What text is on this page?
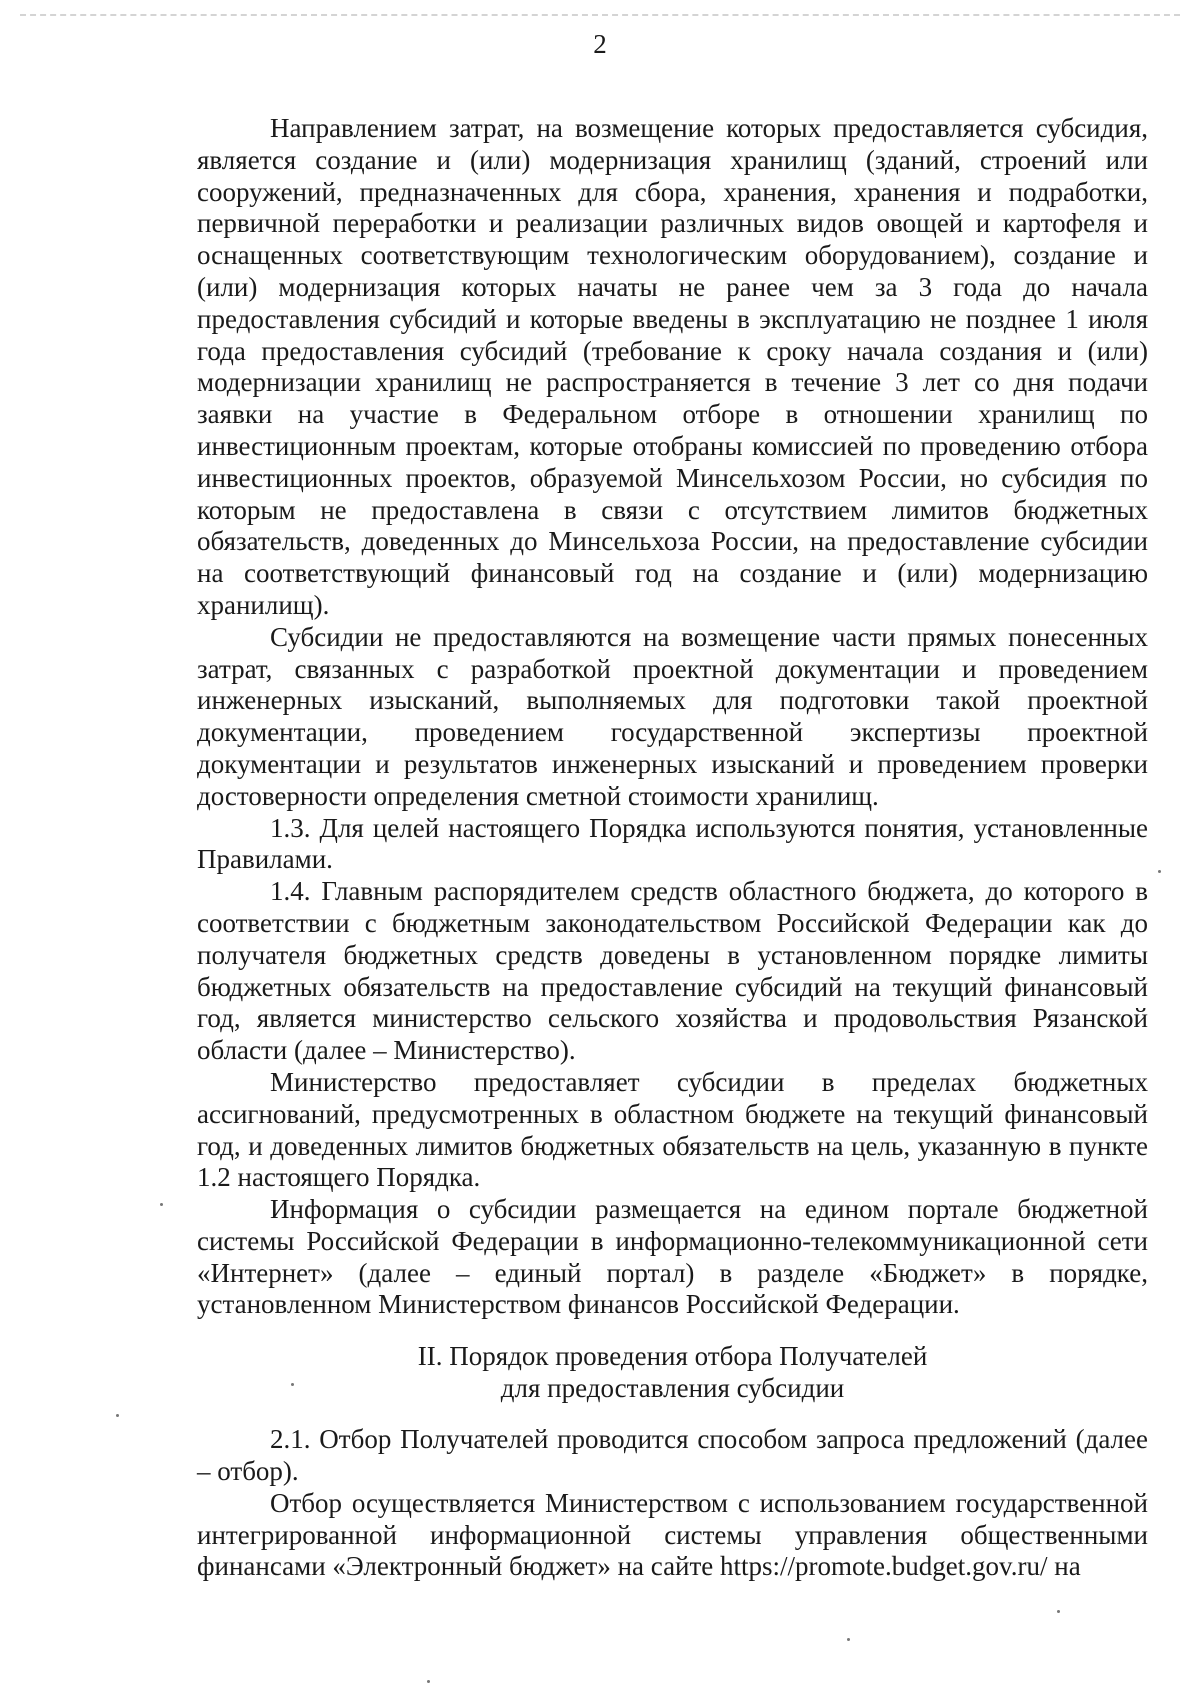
2

Направлением затрат, на возмещение которых предоставляется субсидия, является создание и (или) модернизация хранилищ (зданий, строений или сооружений, предназначенных для сбора, хранения, хранения и подработки, первичной переработки и реализации различных видов овощей и картофеля и оснащенных соответствующим технологическим оборудованием), создание и (или) модернизация которых начаты не ранее чем за 3 года до начала предоставления субсидий и которые введены в эксплуатацию не позднее 1 июля года предоставления субсидий (требование к сроку начала создания и (или) модернизации хранилищ не распространяется в течение 3 лет со дня подачи заявки на участие в Федеральном отборе в отношении хранилищ по инвестиционным проектам, которые отобраны комиссией по проведению отбора инвестиционных проектов, образуемой Минсельхозом России, но субсидия по которым не предоставлена в связи с отсутствием лимитов бюджетных обязательств, доведенных до Минсельхоза России, на предоставление субсидии на соответствующий финансовый год на создание и (или) модернизацию хранилищ).

Субсидии не предоставляются на возмещение части прямых понесенных затрат, связанных с разработкой проектной документации и проведением инженерных изысканий, выполняемых для подготовки такой проектной документации, проведением государственной экспертизы проектной документации и результатов инженерных изысканий и проведением проверки достоверности определения сметной стоимости хранилищ.

1.3. Для целей настоящего Порядка используются понятия, установленные Правилами.

1.4. Главным распорядителем средств областного бюджета, до которого в соответствии с бюджетным законодательством Российской Федерации как до получателя бюджетных средств доведены в установленном порядке лимиты бюджетных обязательств на предоставление субсидий на текущий финансовый год, является министерство сельского хозяйства и продовольствия Рязанской области (далее – Министерство).

Министерство предоставляет субсидии в пределах бюджетных ассигнований, предусмотренных в областном бюджете на текущий финансовый год, и доведенных лимитов бюджетных обязательств на цель, указанную в пункте 1.2 настоящего Порядка.

Информация о субсидии размещается на едином портале бюджетной системы Российской Федерации в информационно-телекоммуникационной сети «Интернет» (далее – единый портал) в разделе «Бюджет» в порядке, установленном Министерством финансов Российской Федерации.

II. Порядок проведения отбора Получателей
для предоставления субсидии

2.1. Отбор Получателей проводится способом запроса предложений (далее – отбор).

Отбор осуществляется Министерством с использованием государственной интегрированной информационной системы управления общественными финансами «Электронный бюджет» на сайте https://promote.budget.gov.ru/ на
